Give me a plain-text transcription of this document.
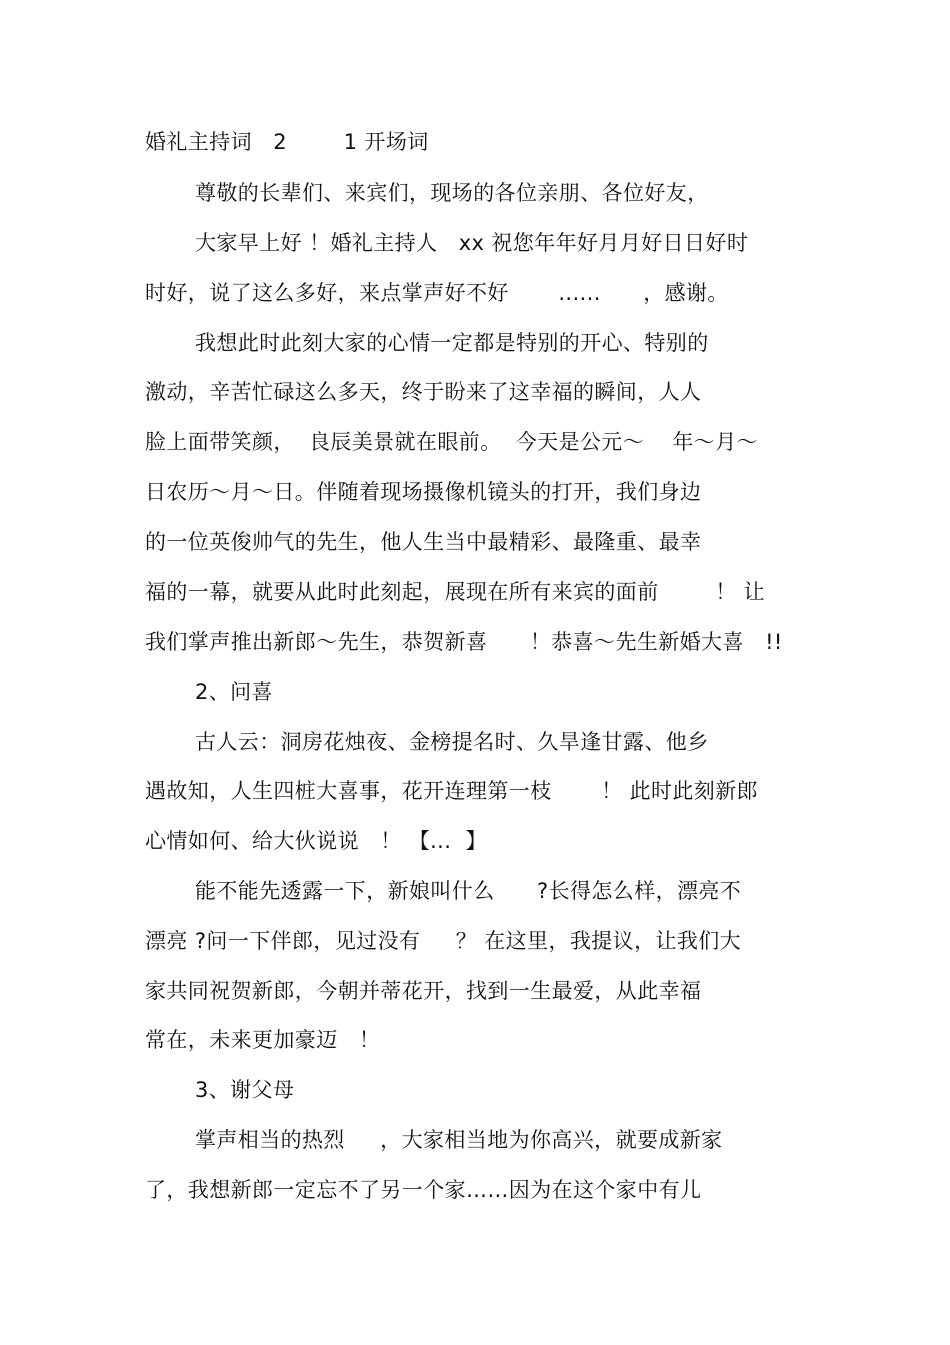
婚礼主持词   2        1 开场词
尊敬的长辈们、来宾们，现场的各位亲朋、各位好友，
大家早上好 ！婚礼主持人   xx 祝您年年好月月好日日好时
时好，说了这么多好，来点掌声好不好       ......      ，感谢。
我想此时此刻大家的心情一定都是特别的开心、特别的
激动，辛苦忙碌这么多天，终于盼来了这幸福的瞬间，人人
脸上面带笑颜，  良辰美景就在眼前。  今天是公元～    年～月～
日农历～月～日。伴随着现场摄像机镜头的打开，我们身边
的一位英俊帅气的先生，他人生当中最精彩、最隆重、最幸
福的一幕，就要从此时此刻起，展现在所有来宾的面前        ！ 让
我们掌声推出新郎～先生，恭贺新喜      ！恭喜～先生新婚大喜   !!
2、问喜
古人云：洞房花烛夜、金榜提名时、久旱逢甘露、他乡
遇故知，人生四桩大喜事，花开连理第一枝       ！ 此时此刻新郎
心情如何、给大伙说说   ！ 【...  】
能不能先透露一下，新娘叫什么      ?长得怎么样，漂亮不
漂亮 ?问一下伴郎，见过没有     ？ 在这里，我提议，让我们大
家共同祝贺新郎，今朝并蒂花开，找到一生最爱，从此幸福
常在，未来更加豪迈   ！
3、谢父母
掌声相当的热烈     ，大家相当地为你高兴，就要成新家
了，我想新郎一定忘不了另一个家……因为在这个家中有儿
